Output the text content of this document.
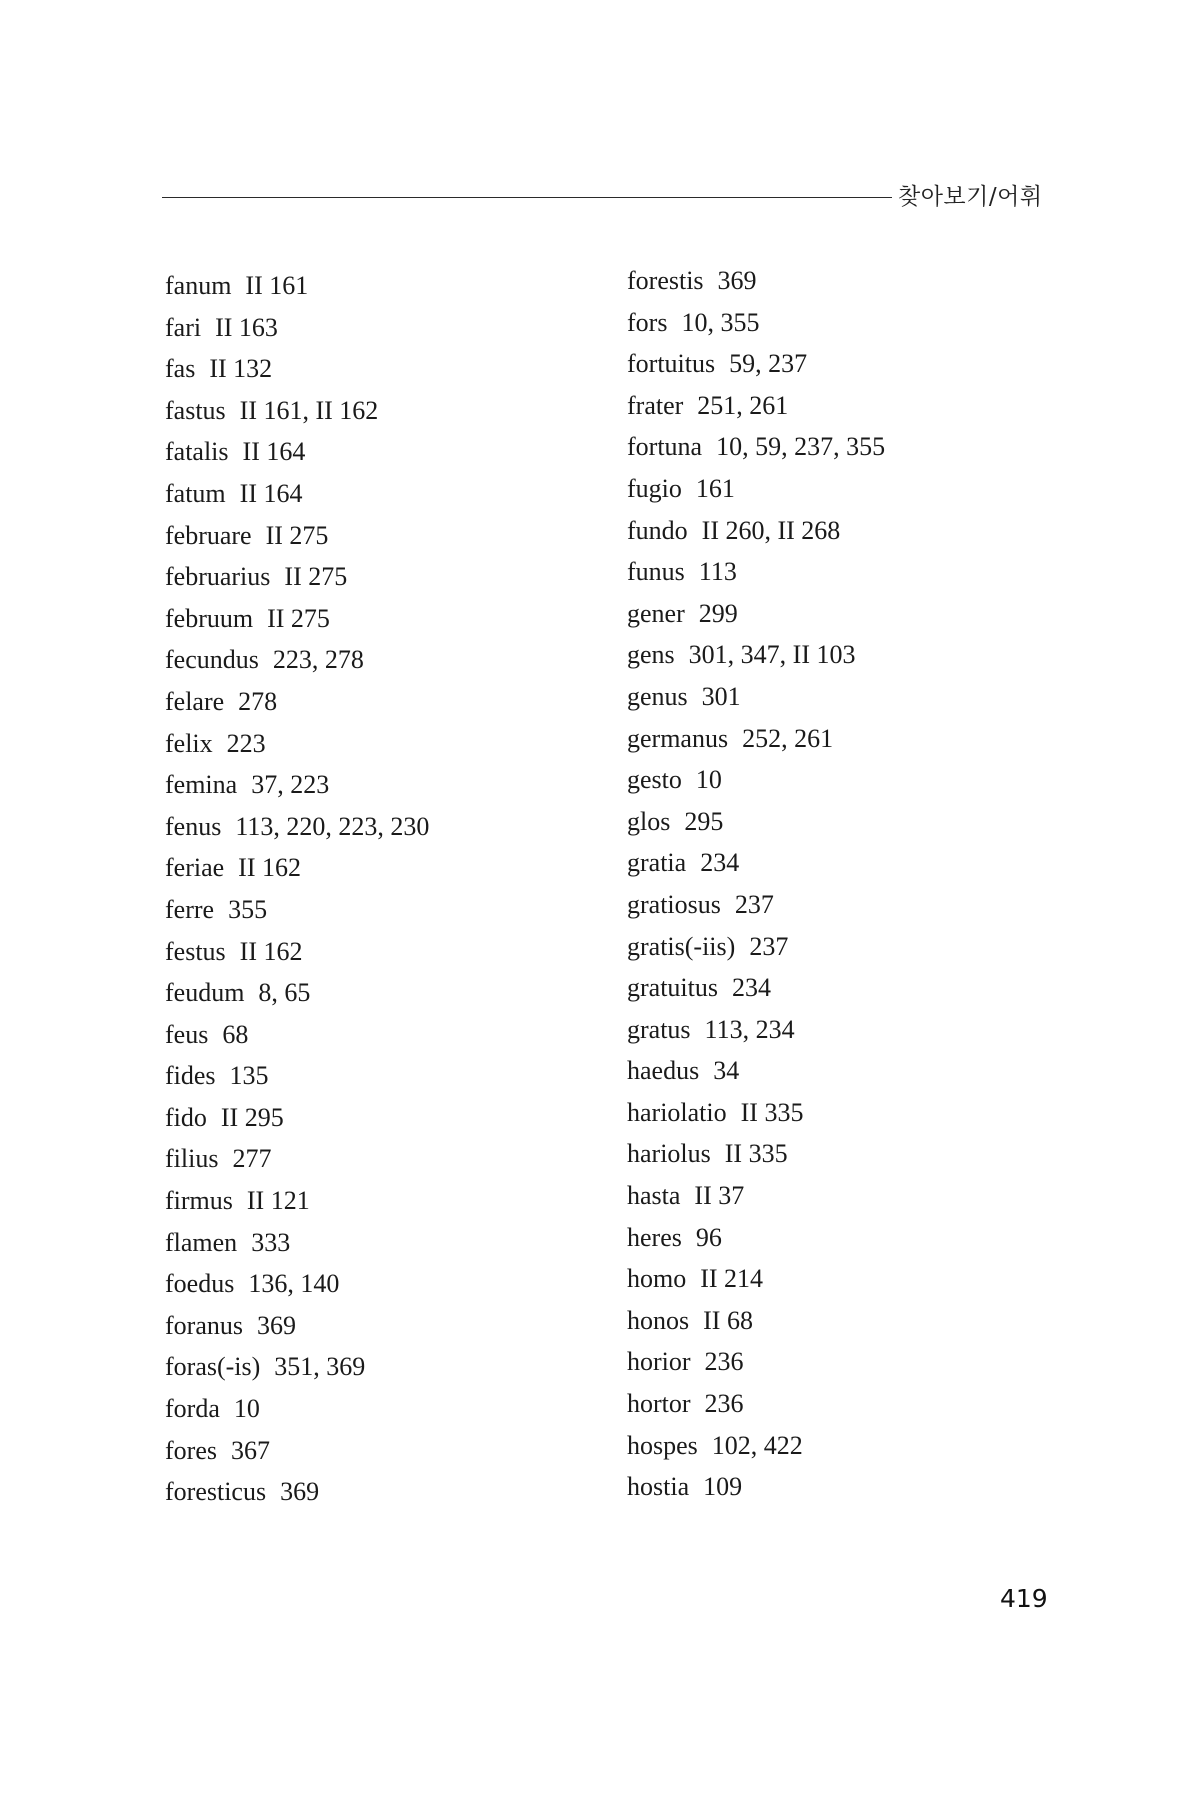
찾아보기/어휘
fanum II 161
fari II 163
fas II 132
fastus II 161, II 162
fatalis II 164
fatum II 164
februare II 275
februarius II 275
februum II 275
fecundus 223, 278
felare 278
felix 223
femina 37, 223
fenus 113, 220, 223, 230
feriae II 162
ferre 355
festus II 162
feudum 8, 65
feus 68
fides 135
fido II 295
filius 277
firmus II 121
flamen 333
foedus 136, 140
foranus 369
foras(-is) 351, 369
forda 10
fores 367
foresticus 369
forestis 369
fors 10, 355
fortuitus 59, 237
frater 251, 261
fortuna 10, 59, 237, 355
fugio 161
fundo II 260, II 268
funus 113
gener 299
gens 301, 347, II 103
genus 301
germanus 252, 261
gesto 10
glos 295
gratia 234
gratiosus 237
gratis(-iis) 237
gratuitus 234
gratus 113, 234
haedus 34
hariolatio II 335
hariolus II 335
hasta II 37
heres 96
homo II 214
honos II 68
horior 236
hortor 236
hospes 102, 422
hostia 109
419
